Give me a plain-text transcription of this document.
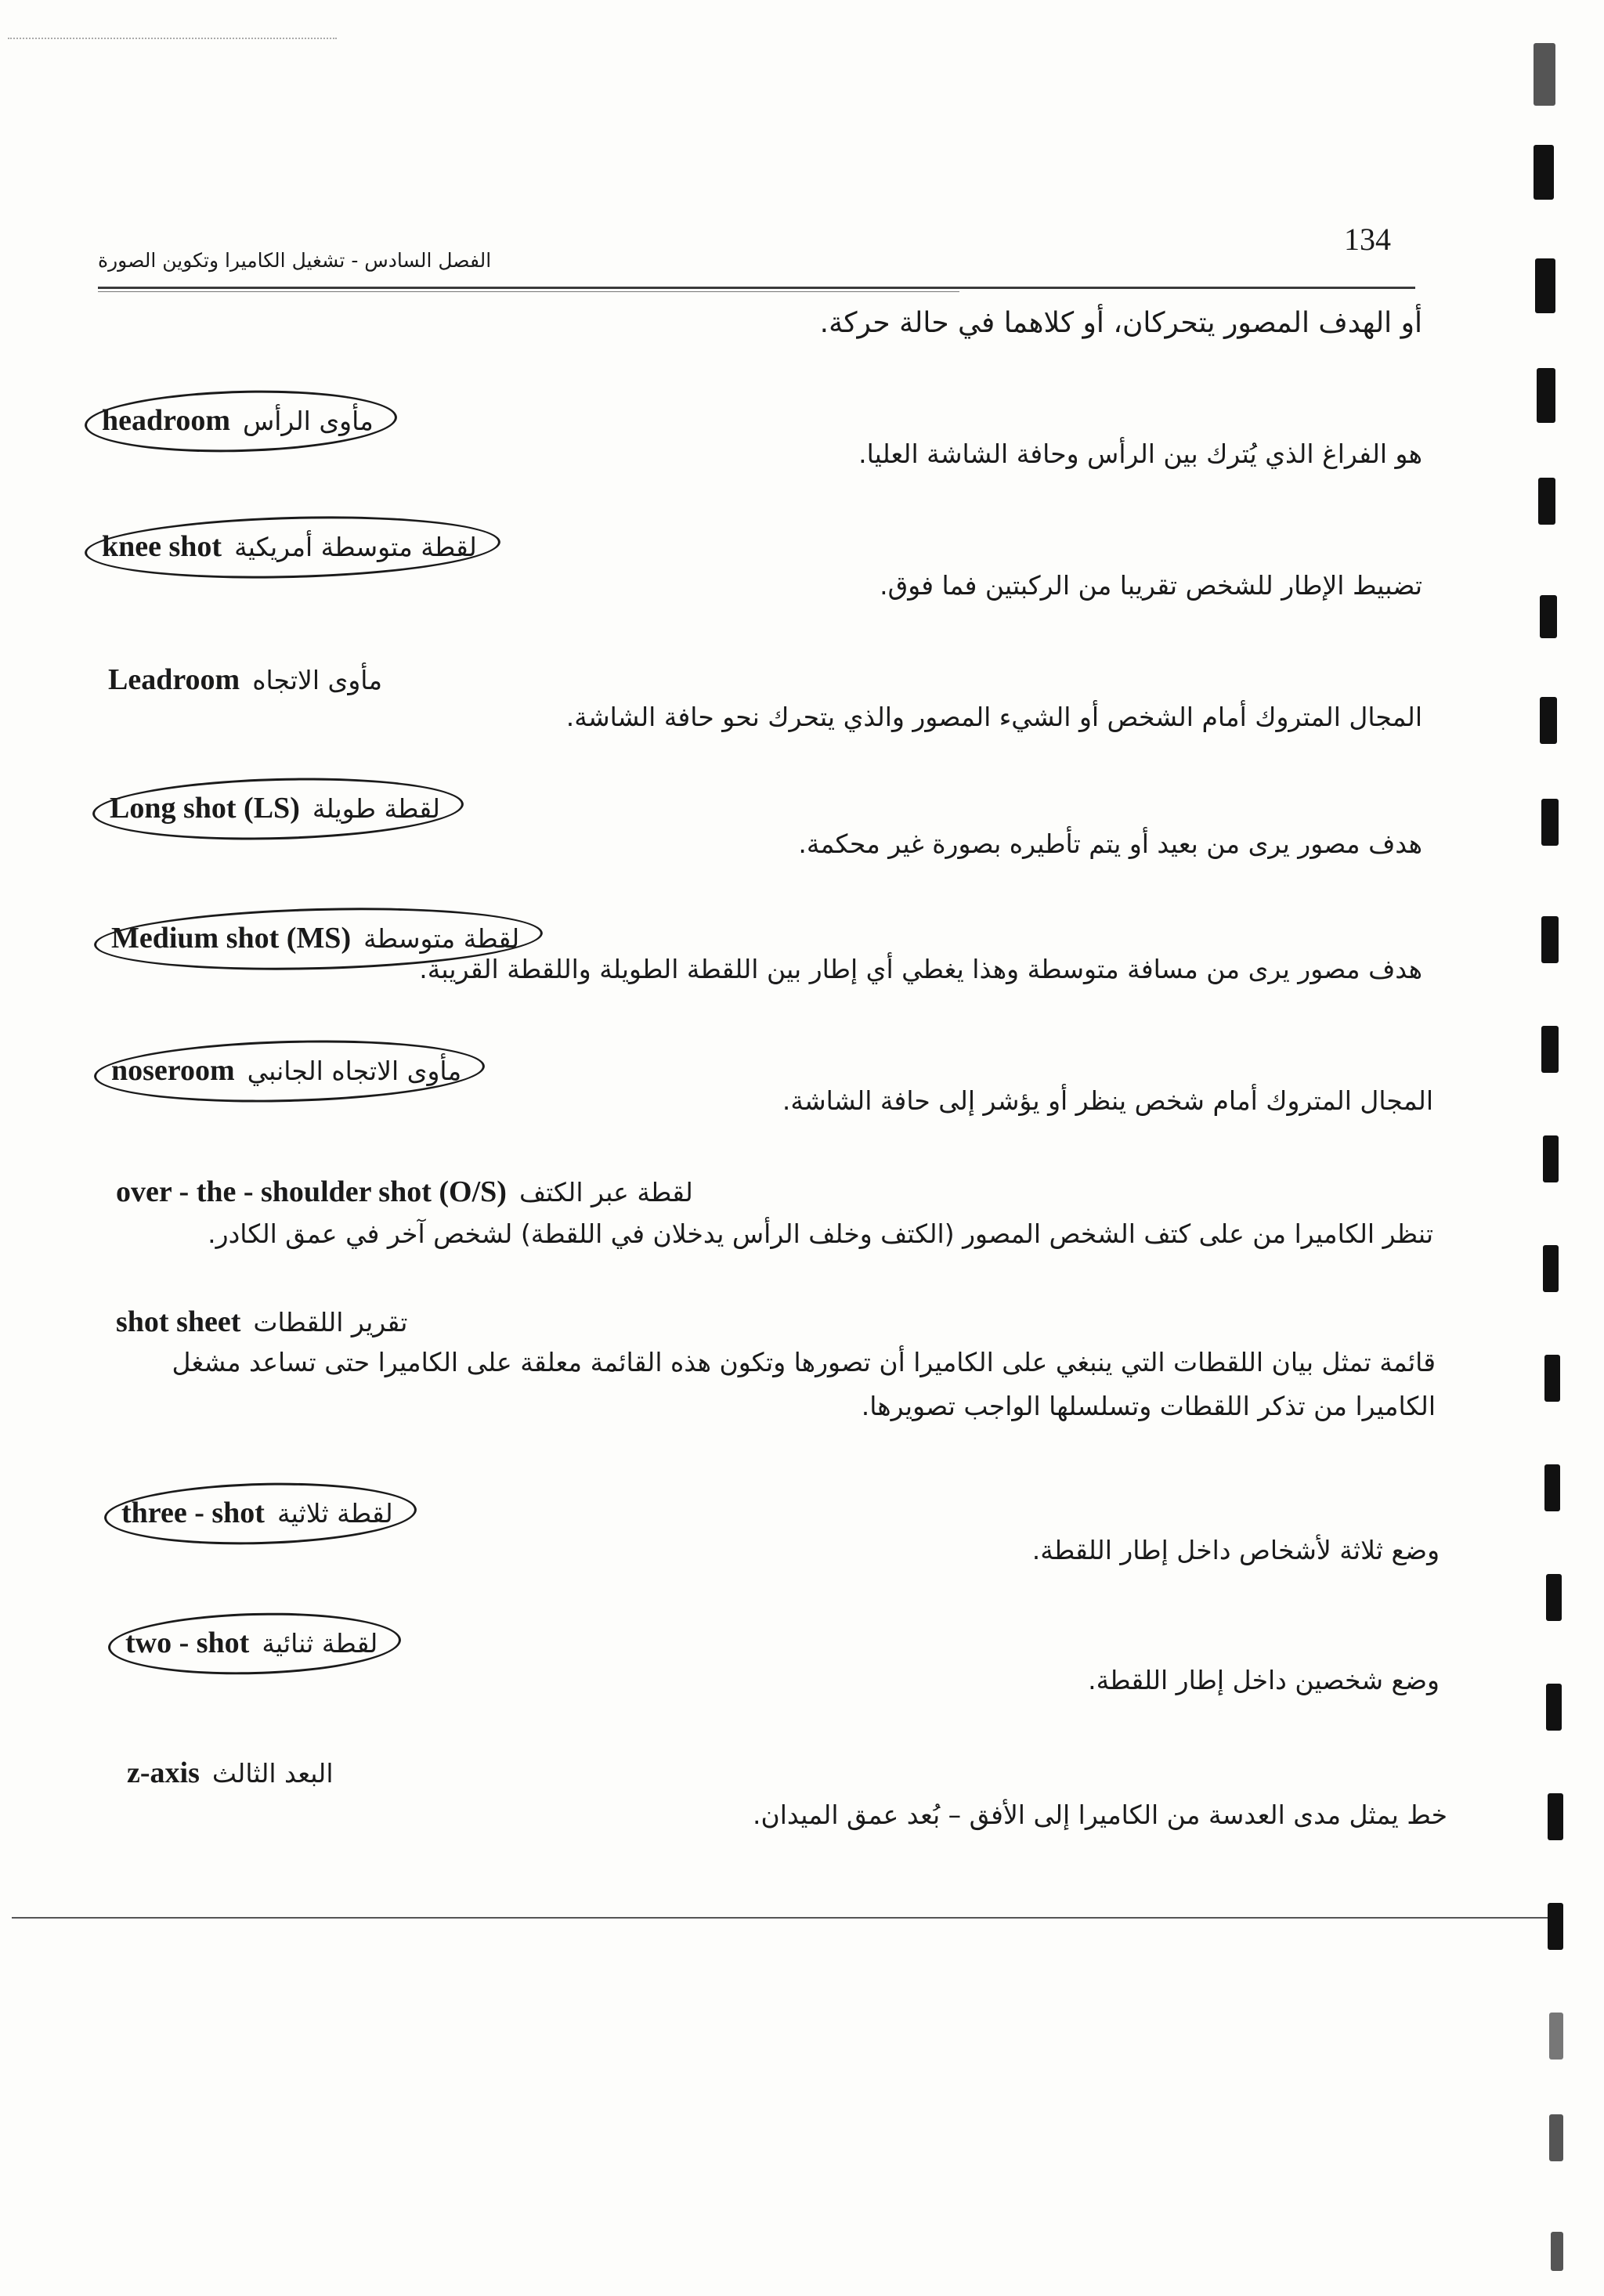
134
الفصل السادس - تشغيل الكاميرا وتكوين الصورة
أو الهدف المصور يتحركان، أو كلاهما في حالة حركة.
headroom مأوى الرأس
هو الفراغ الذي يُترك بين الرأس وحافة الشاشة العليا.
knee shot لقطة متوسطة أمريكية
تضبيط الإطار للشخص تقريبا من الركبتين فما فوق.
Leadroom مأوى الاتجاه
المجال المتروك أمام الشخص أو الشيء المصور والذي يتحرك نحو حافة الشاشة.
Long shot (LS) لقطة طويلة
هدف مصور يرى من بعيد أو يتم تأطيره بصورة غير محكمة.
Medium shot (MS) لقطة متوسطة
هدف مصور يرى من مسافة متوسطة وهذا يغطي أي إطار بين اللقطة الطويلة واللقطة القريبة.
noseroom مأوى الاتجاه الجانبي
المجال المتروك أمام شخص ينظر أو يؤشر إلى حافة الشاشة.
over - the - shoulder shot (O/S) لقطة عبر الكتف
تنظر الكاميرا من على كتف الشخص المصور (الكتف وخلف الرأس يدخلان في اللقطة) لشخص آخر في عمق الكادر.
shot sheet تقرير اللقطات
قائمة تمثل بيان اللقطات التي ينبغي على الكاميرا أن تصورها وتكون هذه القائمة معلقة على الكاميرا حتى تساعد مشغل الكاميرا من تذكر اللقطات وتسلسلها الواجب تصويرها.
three - shot لقطة ثلاثية
وضع ثلاثة لأشخاص داخل إطار اللقطة.
two - shot لقطة ثنائية
وضع شخصين داخل إطار اللقطة.
z-axis البعد الثالث
خط يمثل مدى العدسة من الكاميرا إلى الأفق – بُعد عمق الميدان.
